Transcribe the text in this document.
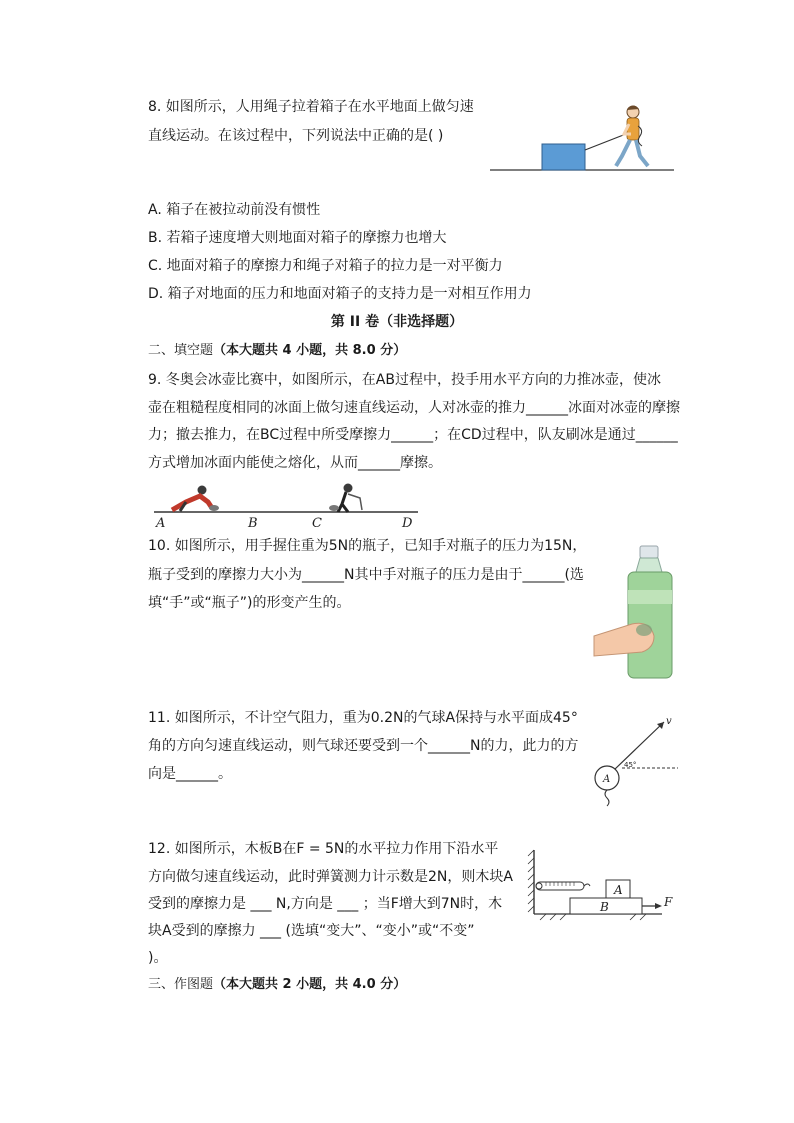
8. 如图所示，人用绳子拉着箱子在水平地面上做匀速
直线运动。在该过程中，下列说法中正确的是( )
A. 箱子在被拉动前没有惯性
B. 若箱子速度增大则地面对箱子的摩擦力也增大
C. 地面对箱子的摩擦力和绳子对箱子的拉力是一对平衡力
D. 箱子对地面的压力和地面对箱子的支持力是一对相互作用力
第 II 卷（非选择题）
二、填空题（本大题共 4 小题，共 8.0 分）
9. 冬奥会冰壶比赛中，如图所示，在AB过程中，投手用水平方向的力推冰壶，使冰
壶在粗糙程度相同的冰面上做匀速直线运动，人对冰壶的推力______冰面对冰壶的摩擦
力；撤去推力，在BC过程中所受摩擦力______；在CD过程中，队友刷冰是通过______
方式增加冰面内能使之熔化，从而______摩擦。
A	B	C	D
10. 如图所示，用手握住重为5N的瓶子，已知手对瓶子的压力为15N，
瓶子受到的摩擦力大小为______N其中手对瓶子的压力是由于______(选
填“手”或“瓶子”)的形变产生的。
11. 如图所示，不计空气阻力，重为0.2N的气球A保持与水平面成45°
角的方向匀速直线运动，则气球还要受到一个______N的力，此力的方
向是______。
v
45°
A
12. 如图所示，木板B在F = 5N的水平拉力作用下沿水平
方向做匀速直线运动，此时弹簧测力计示数是2N，则木块A
受到的摩擦力是 ___ N,方向是 ___ ；当F增大到7N时，木
块A受到的摩擦力 ___ (选填“变大”、“变小”或“不变”
)。
A
B	F
三、作图题（本大题共 2 小题，共 4.0 分）
